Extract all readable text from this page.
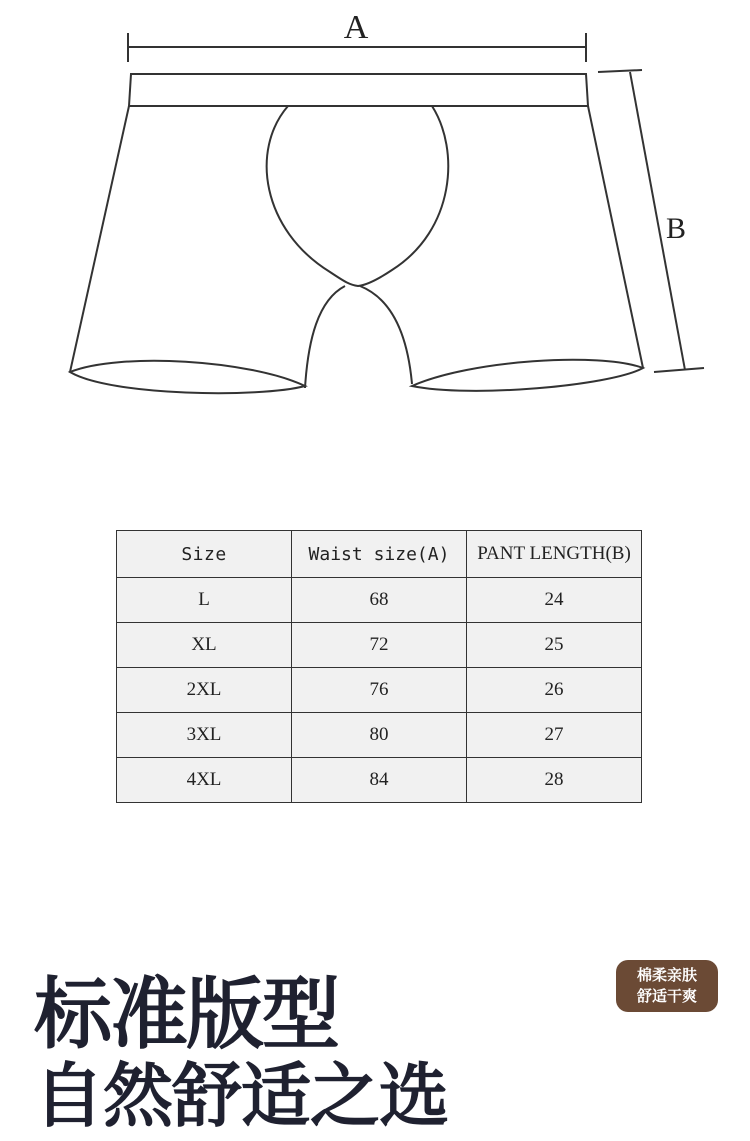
A
B
Size	Waist size(A)	PANT LENGTH(B)
L	68	24
XL	72	25
2XL	76	26
3XL	80	27
4XL	84	28
标准版型
自然舒适之选
棉柔亲肤
舒适干爽
